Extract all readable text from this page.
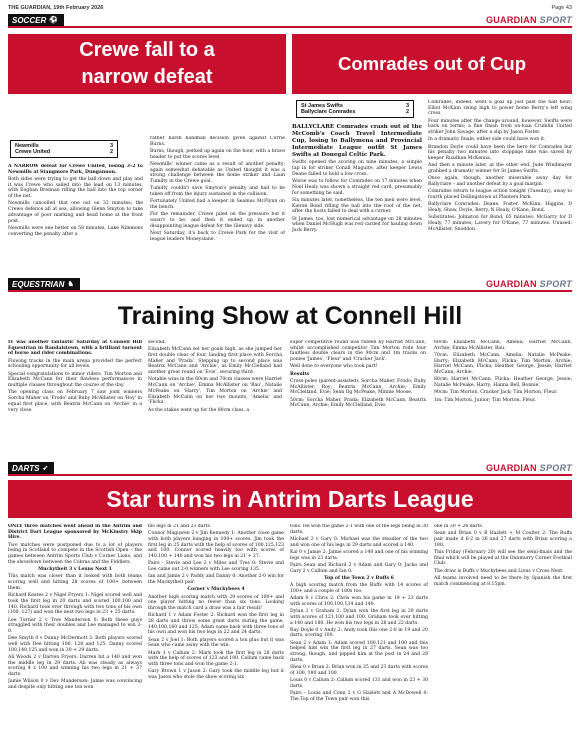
THE GUARDIAN, 19th February 2026	Page 43
SOCCER ⚽	GUARDIAN SPORT
Crewe fall to a
narrow defeat
Comrades out of Cup
Newmills	3
Crewe United	2

A NARROW defeat for Crewe United, losing 3–2 to Newmills at Stangmore Park, Dungannon.

Both sides were trying to get the ball down and play and it was Crewe who sailed into the lead on 13 minutes, with Eoghan Brennan rifling the ball into the top corner of the net.

Newmills cancelled that one out on 33 minutes; the Crewe defence all at sea, allowing Glenn Smyton to take advantage of poor marking and head home at the front post.

Newmills were one better on 58 minutes, Luke Nimmons converting the penalty after a

rather harsh handball decision given against Corrie Burns.

Burns, though, perked up again on the hour, with a brave header to put the scores level.

Newmills' winner came as a result of another penalty; again somewhat debatable as United thought it was a strong challenge between the home striker and Liam Tumilty in the Crewe goal.

Tumilty couldn't save Smyton's penalty and had to be taken off from the injury sustained in the collision.

Fortunately United had a keeper in Seamus McFlynn on the bench.

For the remainder, Crewe piled on the pressure but it wasn't to be, and then it ended up in another disappointing league defeat for the Glenavy side.

Next Saturday, it's back to Crewe Park for the visit of league leaders Moneyslane.

St James Swifts	3
Ballyclare Comrades	2

BALLYCLARE Comrades crash out of the McComb's Coach Travel Intermediate Cup, losing to Ballymena and Provincial Intermediate League outfit St James Swifts at Donegal Celtic Park.

Swifts opened the scoring on nine minutes; a simple tap in for striker Conall Maguire, after keeper Lewis Deane failed to hold a low cross.

Worse was to follow for Comrades on 17 minutes when Noel Healy was shown a straight red card, presumably for something he said.

Six minutes later, nonetheless, the ten men were level, Kieran Bond rifling the ball into the roof of the net, after the hosts failed to deal with a corner.

St James, too, lost numerical advantage on 28 minutes when Daniel McHugh was red carded for hauling down Jack Berry.

Comrades, indeed, went a goal up just past the half hour; Elliot McKinn rising high to power home Berry's left wing cross.

Four minutes after the change around, however, Swifts were back on terms; a fine finish from on-loan Crumlin United striker John Savage, after a slip by Jason Foster.

In a dramatic finale, either side could have won it.

Brandon Doyle could have been the hero for Comrades but his penalty two minutes into stoppage time was saved by keeper Ruadhan McKenna.

And then a minute later, at the other end, Jude Windmayer grabbed a dramatic winner for St James Swifts.

Once again, though, another miserable away day for Ballyclare – and another defeat by a goal margin.

Comrades return to league action tonight (Tuesday), away to fourth placed Dollingstown at Planters Park.

Ballyclare Comrades: Deane, Foster, McKinn, Higgins, D Healy, Shaw, Doyle, Berry, N Healy, O'Kane, Bond.

Substitutes: Johnston for Bond, 65 minutes; McGarry for D Healy, 77 minutes; Lavery for O'Kane, 77 minutes. Unused: McAllister, Snoddon.

EQUESTRIAN ♞	GUARDIAN SPORT
Training Show at Connell Hill

IT was another fantastic Saturday at Connell Hill Equestrian in Randalstown, with a brilliant turnout of horse and rider combinations.

Flowing tracks in the main arena provided the perfect schooling opportunity for all levels.

Special congratulations to minor riders, Tim Morton and Elizabeth McCann for their flawless performances in multiple classes throughout the course of the day.

The opening class on February 7 saw joint winners Sorcha Maher on 'Frodo' and Ruby McAllister on 'Roy' in equal first place, with Beatrix McCann on 'Archie' in a very close

second.

Elizabeth McCann set her goals high, as she jumped her first double clear of four, landing first place with Sorcha Maher and 'Prada'. Stepping up to second place was Beatrix McCann and 'Archie', as Emily McClelland had another great round on 'Evie', securing third.

Notable wins in the 60cm and 70cm classes were Harriet McCann on 'Archie', Emma McAllister on 'Bau', Natalie McPeake on 'Harry', Tim Morton on 'Archie' and Elizabeth McCann on her two mounts, 'Amelia' and 'Flicka'.

As the stakes went up for the 80cm class, a

super competitive round was ridden by Harriet McCann, whilst accomplished competitor Tim Morton rode four faultless double clears in the 90cm and 1m tracks on ponies 'James', 'Fleur' and 'Cracker Jack'.

Well done to everyone who took part!

Results

Cross-poles (parent-assisted): Sorcha Maher, Frodo; Ruby McAllister, Roy; Beatrix McCann, Archie; Emily McClelland, Evie; Sean Og McPeake, Minnie Moose.

50cm: Sorcha Maher, Prada; Elizabeth McCann, Beatrix McCann, Archie; Emily McClelland, Evie.

60cm: Elizabeth McCann, Amelia; Harriet McCann, Archie; Emma McAllister, Bau.

70cm: Elizabeth McCann, Amelia; Natalie McPeake, Harry; Elizabeth McCann, Flicka; Tim Morton, Archie; Harriet McCann, Flicka; Heather George, Jessie; Harriet McCann, Archie.

80cm: Harriet McCann, Flicka; Heather George, Jessie; Natalie McPeake, Harry; Hanna Bell, Bonnie.

90cm: Tim Morton, Cracker Jack; Tim Morton, Fleur.

1m: Tim Morton, Junior; Tim Morton, Fleur.

DARTS ➶	GUARDIAN SPORT
Star turns in Antrim Darts League

ONLY three matches went ahead in the Antrim and District Dart League sponsored by McKinstry Skip Hire.

Two matches were postponed due to a lot of players being in Scotland to compete in the Scottish Open – the games between Antrim Sports Club v Corner Lions, and the showdown between the Cobras and the Fiddlers.

Muckytheit 3 v Lenns Next 1

This match was closer than it looked with both teams scoring well and hitting 28 scores of 100+ between them.

Richard Keates 2 v Nigel Fryers 1: Nigel scored well and took the first leg in 20 darts and scored 100,100 and 140. Richard took over through with two tons of his own (100, 127) and won the next two legs in 23 + 25 darts.

Lee Turner 2 v Tres Manderson 0: Both these guys struggled with their doubles and Lee managed to win 2-0.

Dee Smyth 0 v Danny McDermott 2: Both players scored well with Dee hitting 100, 128 and 125. Danny scored 100,140,125 and won in 30 + 29 darts.

Ali Woods 2 v Darren Fryers: Darren hit a 140 and won the middle leg in 29 darts. Ali was steady as always scoring 4 x 100 and winning his two legs in 21 + 37 darts.

Jamie Wilson 0 v Dev Manderson: Jamie was convincing and despite only hitting one ton won

his legs in 21 and 23 darts.

Connor Maguwen 2 v Jim Kennedy 1: Another close game with both players banging in 100+ scores. Jim took the first leg in 25 darts with the help of scores of 100,125,123 and 100. Connor scored heavily too with scores of 140,100 + 140 and won his two legs in 21 + 27.

Pairs - Stevie and Lee 2 v Miles and Tres 0: Stevie and Lee came out 2-0 winners with Lee scoring 135.

Ian and Jamie 2 v Paddy and Danny 0: Another 2-0 win for the Muckytheit pair.

Corner v Muckybees 4

Another high scoring match with 29 scores of 100+ and one player hitting no fewer than six tons. Looking through the match card a draw was a fair result!

Richard 1 v Adam Foster 2: Richard won the first leg in 28 darts and threw some great darts during the game, 140,100,160 and 125. Adam came back with three tons of his own and won his two legs in 22 and 24 darts.

Sean 2 v Joel 1: Both players scored a ton plus but it was Sean who came away with the win.

Mark 1 v Callum 2: Mark took the first leg in 28 darts with the help of scores of 123 and 100. Callum came back with three tons and won the game 2-1.

Gary Brown 1 v Jason 2: Gary took the middle leg but it was Jason who stole the show scoring six

tons. He won the game 2-1 with one of the legs being in 30 darts.

Michael 2 v Gary 0: Michael was the steadier of the two and won one of his legs in 29 darts and scored a 140.

Kai 0 v Jamie 2: Jamie scored a 140 and one of his winning legs was in 23 darts.

Pairs Sean and Richard 2 v Adam and Gary 0; Jacko and Gary 2 v Callum and Ian 0.

Top of the Town 2 v Buffs 6

A high scoring match from the Buffs with 14 scores of 100+ and a couple of 180s too.

Adam 0 v Chris 2: Chris won his game in 19 + 23 darts with scores of 100,100,134 and 140.

Dylan 1 v Graham 2: Dylan won the first leg in 29 darts with scores of 121,100 and 100. Graham took over hitting a 140 and 180. He won his two legs in 28 and 22 darts.

Ray Doyle 0 v Andy 2: Andy took this one 2-0 in 19 and 20 darts, scoring 100.

Sean 2 v Adam 1: Adam scored 100,121 and 100 and this helped him win the first leg in 27 darts. Sean was too strong, though, and pipped him at the post in 24 and 28 darts.

Shea 0 v Brian 2: Brian won in 25 and 23 darts with scores of 100, 180 and 100.

Louis 0 v Callum 2: Callum scored 131 and won in 23 + 30 darts.

Pairs – Louis and Conn 2 v G Hazlett and A McDowell 0: The Top of the Town pair won this

one in 30 + 26 darts.

Sean and Brian 0 v B Hazlett + M Coulter 2: The Buffs pair made it 6-2 in 26 and 27 darts with Brian scoring a 180.

This Friday (February 20) will see the semi-finals and the final which will be played at the Dunmurry Corner Football Club.

The draw is Buffs v Muckybees and Lions v Cross Next.

All teams involved need to be there by Spanish the first match commencing at 8.15pm.
